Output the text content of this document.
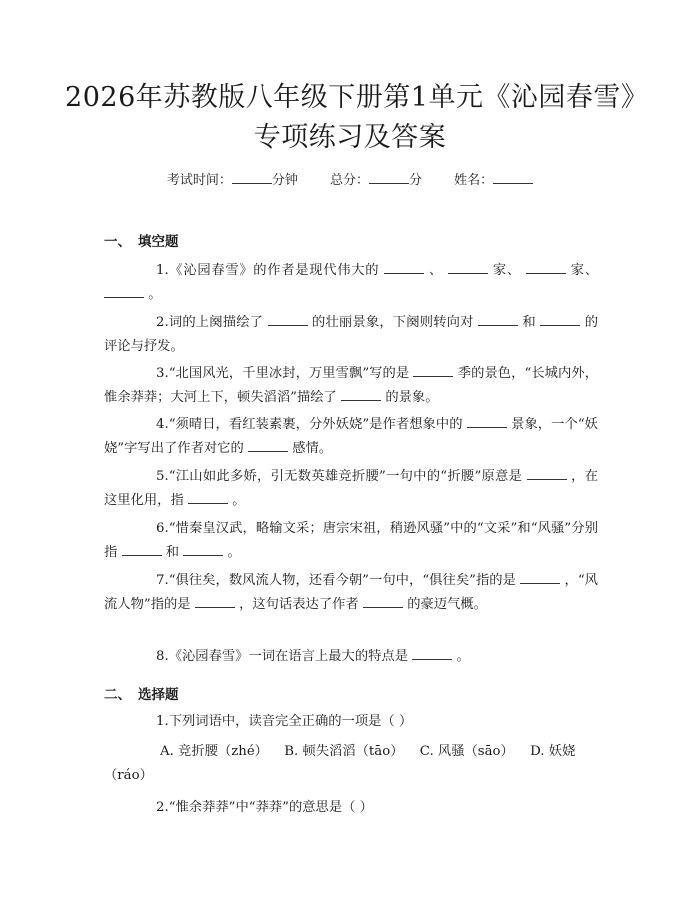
2026年苏教版八年级下册第1单元《沁园春雪》专项练习及答案
考试时间：	分钟 总分：	分 姓名：
一、 填空题
1.《沁园春雪》的作者是现代伟大的	、	家、	家、  。
2.词的上阕描绘了	的壮丽景象，下阕则转向对	和	的评论与抒发。
3.“北国风光，千里冰封，万里雪飘”写的是	季的景色，“长城内外，惟余莽莽；大河上下，顿失滔滔”描绘了	的景象。
4.“须晴日，看红装素裹，分外妖娆”是作者想象中的	景象，一个“妖娆”字写出了作者对它的	感情。
5.“江山如此多娇，引无数英雄竞折腰”一句中的“折腰”原意是	，在这里化用，指	。
6.“惜秦皇汉武，略输文采；唐宗宋祖，稍逊风骚”中的“文采”和“风骚”分别指	和	。
7.“俱往矣，数风流人物，还看今朝”一句中，“俱往矣”指的是	，“风流人物”指的是	，这句话表达了作者	的豪迈气概。
8.《沁园春雪》一词在语言上最大的特点是	。
二、 选择题
1.下列词语中，读音完全正确的一项是（ ）
A. 竞折腰（zhé） B. 顿失滔滔（tāo） C. 风骚（sāo） D. 妖娆（ráo）
2.“惟余莽莽”中“莽莽”的意思是（ ）
